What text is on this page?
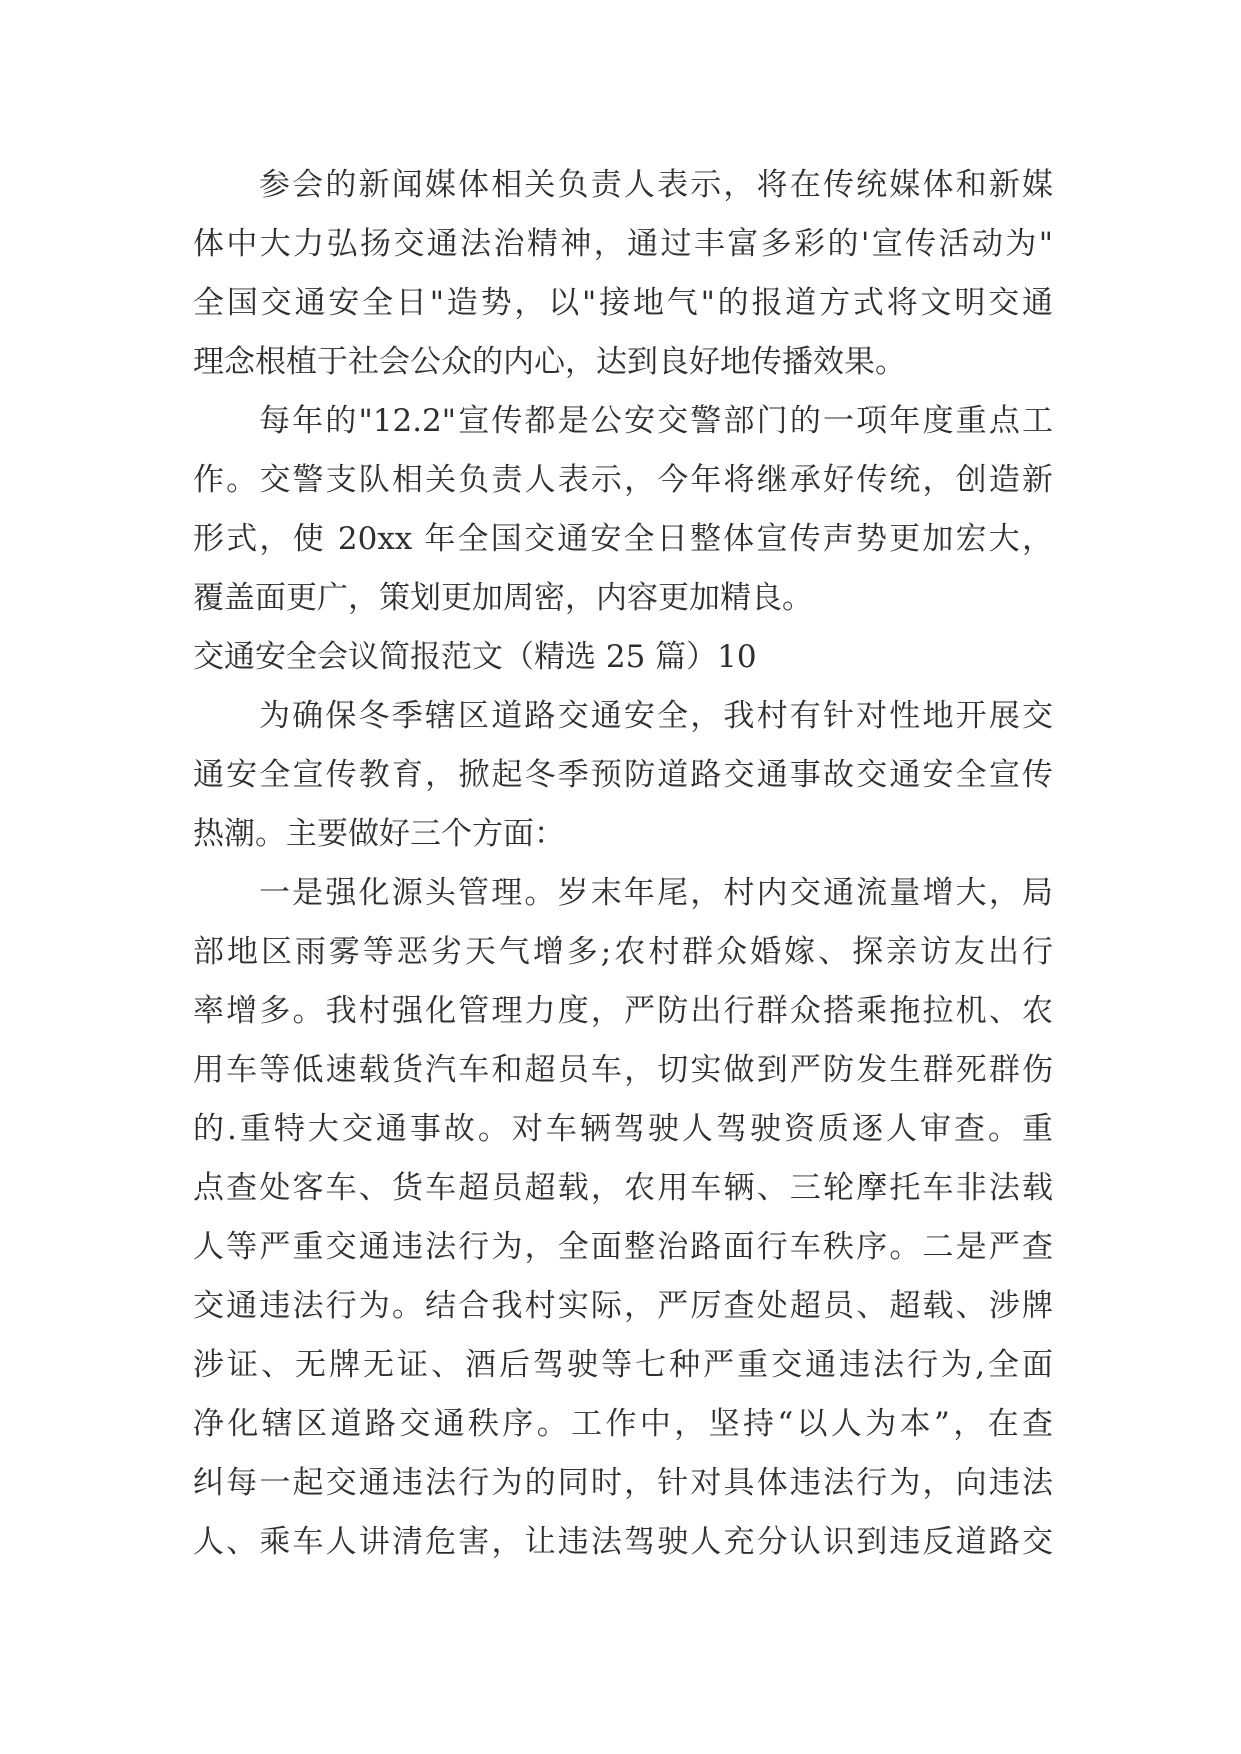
参会的新闻媒体相关负责人表示，将在传统媒体和新媒
体中大力弘扬交通法治精神，通过丰富多彩的'宣传活动为"
全国交通安全日"造势，以"接地气"的报道方式将文明交通
理念根植于社会公众的内心，达到良好地传播效果。
每年的"12.2"宣传都是公安交警部门的一项年度重点工
作。交警支队相关负责人表示，今年将继承好传统，创造新
形式，使 20xx 年全国交通安全日整体宣传声势更加宏大，
覆盖面更广，策划更加周密，内容更加精良。
交通安全会议简报范文（精选 25 篇）10
为确保冬季辖区道路交通安全，我村有针对性地开展交
通安全宣传教育，掀起冬季预防道路交通事故交通安全宣传
热潮。主要做好三个方面：
一是强化源头管理。岁末年尾，村内交通流量增大，局
部地区雨雾等恶劣天气增多;农村群众婚嫁、探亲访友出行
率增多。我村强化管理力度，严防出行群众搭乘拖拉机、农
用车等低速载货汽车和超员车，切实做到严防发生群死群伤
的.重特大交通事故。对车辆驾驶人驾驶资质逐人审查。重
点查处客车、货车超员超载，农用车辆、三轮摩托车非法载
人等严重交通违法行为，全面整治路面行车秩序。二是严查
交通违法行为。结合我村实际，严厉查处超员、超载、涉牌
涉证、无牌无证、酒后驾驶等七种严重交通违法行为,全面
净化辖区道路交通秩序。工作中，坚持“以人为本”，在查
纠每一起交通违法行为的同时，针对具体违法行为，向违法
人、乘车人讲清危害，让违法驾驶人充分认识到违反道路交
